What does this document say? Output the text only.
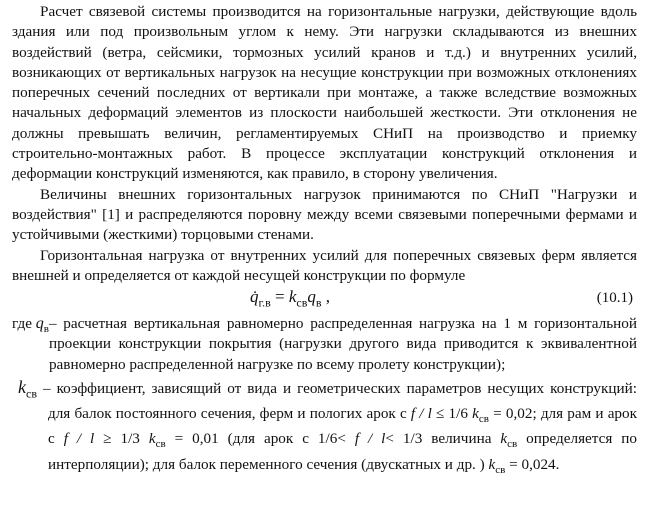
Расчет связевой системы производится на горизонтальные нагрузки, действующие вдоль здания или под произвольным углом к нему. Эти нагрузки складываются из внешних воздействий (ветра, сейсмики, тормозных усилий кранов и т.д.) и внутренних усилий, возникающих от вертикальных нагрузок на несущие конструкции при возможных отклонениях поперечных сечений последних от вертикали при монтаже, а также вследствие возможных начальных деформаций элементов из плоскости наибольшей жесткости. Эти отклонения не должны превышать величин, регламентируемых СНиП на производство и приемку строительно-монтажных работ. В процессе эксплуатации конструкций отклонения и деформации конструкций изменяются, как правило, в сторону увеличения.

Величины внешних горизонтальных нагрузок принимаются по СНиП "Нагрузки и воздействия" [1] и распределяются поровну между всеми связевыми поперечными фермами и устойчивыми (жесткими) торцовыми стенами.

Горизонтальная нагрузка от внутренних усилий для поперечных связевых ферм является внешней и определяется от каждой несущей конструкции по формуле

$q̇_{г.в} = k_{св}q_в$ ,	(10.1)
где $q_в$ – расчетная вертикальная равномерно распределенная нагрузка на 1 м горизонтальной проекции конструкции покрытия (нагрузки другого вида приводится к эквивалентной равномерно распределенной нагрузке по всему пролету конструкции);
$k_{св}$ – коэффициент, зависящий от вида и геометрических параметров несущих конструкций: для балок постоянного сечения, ферм и пологих арок с f / l ≤ 1/6 $k_{св} = 0,02$; для рам и арок с f / l ≥ 1/3 $k_{св} = 0,01$ (для арок с 1/6< f / l< 1/3 величина $k_{св}$ определяется по интерполяции); для балок переменного сечения (двускатных и др. ) $k_{св} = 0,024$.
